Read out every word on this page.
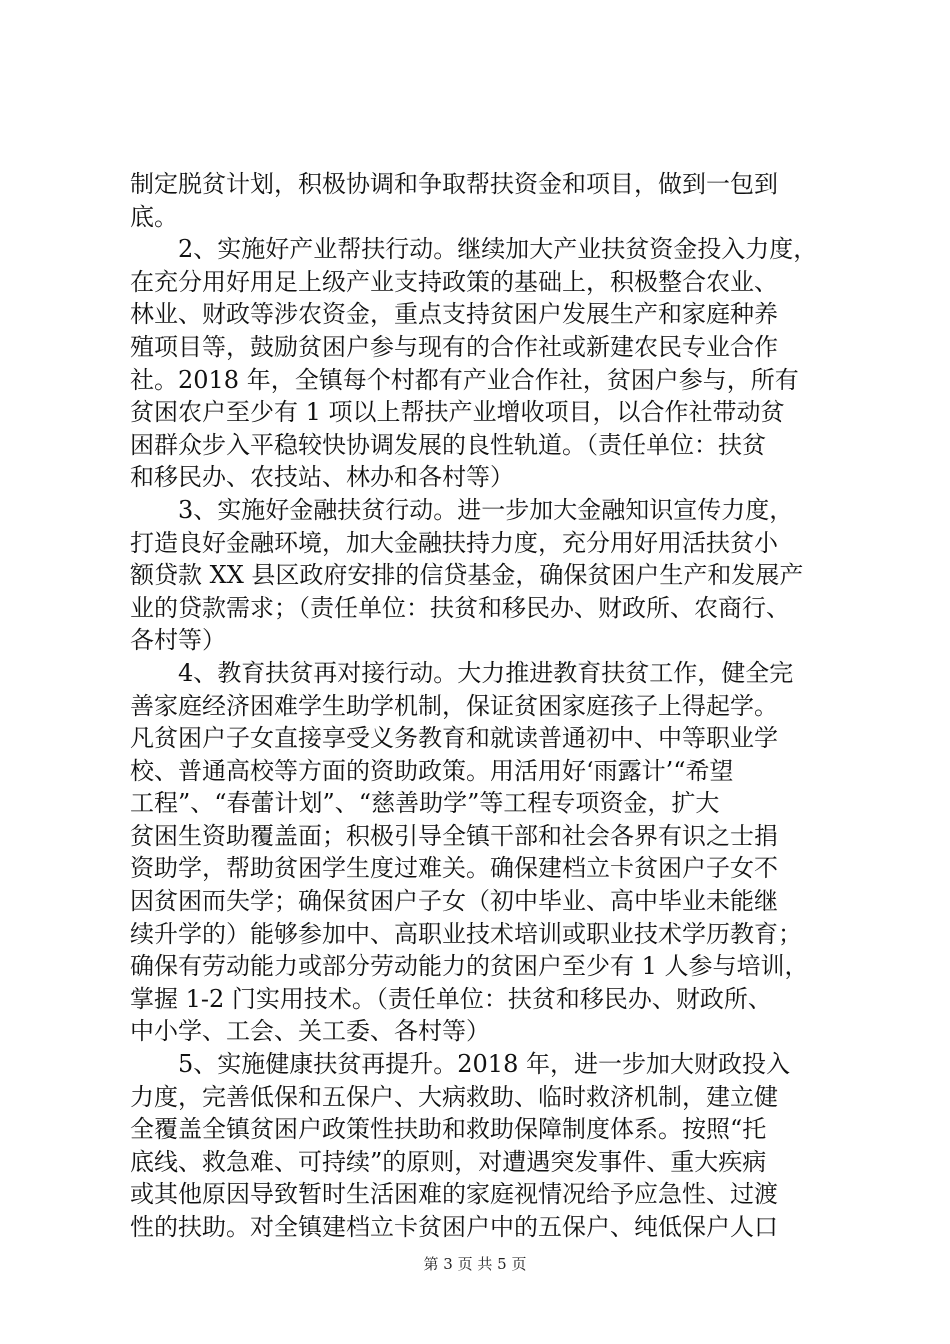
制定脱贫计划，积极协调和争取帮扶资金和项目，做到一包到
底。
2、实施好产业帮扶行动。继续加大产业扶贫资金投入力度，
在充分用好用足上级产业支持政策的基础上，积极整合农业、
林业、财政等涉农资金，重点支持贫困户发展生产和家庭种养
殖项目等，鼓励贫困户参与现有的合作社或新建农民专业合作
社。2018 年，全镇每个村都有产业合作社，贫困户参与，所有
贫困农户至少有 1 项以上帮扶产业增收项目，以合作社带动贫
困群众步入平稳较快协调发展的良性轨道。（责任单位：扶贫
和移民办、农技站、林办和各村等）
3、实施好金融扶贫行动。进一步加大金融知识宣传力度，
打造良好金融环境，加大金融扶持力度，充分用好用活扶贫小
额贷款 XX 县区政府安排的信贷基金，确保贫困户生产和发展产
业的贷款需求；（责任单位：扶贫和移民办、财政所、农商行、
各村等）
4、教育扶贫再对接行动。大力推进教育扶贫工作，健全完
善家庭经济困难学生助学机制，保证贫困家庭孩子上得起学。
凡贫困户子女直接享受义务教育和就读普通初中、中等职业学
校、普通高校等方面的资助政策。用活用好‘雨露计’“希望
工程”、“春蕾计划”、“慈善助学”等工程专项资金，扩大
贫困生资助覆盖面；积极引导全镇干部和社会各界有识之士捐
资助学，帮助贫困学生度过难关。确保建档立卡贫困户子女不
因贫困而失学；确保贫困户子女（初中毕业、高中毕业未能继
续升学的）能够参加中、高职业技术培训或职业技术学历教育；
确保有劳动能力或部分劳动能力的贫困户至少有 1 人参与培训，
掌握 1-2 门实用技术。（责任单位：扶贫和移民办、财政所、
中小学、工会、关工委、各村等）
5、实施健康扶贫再提升。2018 年，进一步加大财政投入
力度，完善低保和五保户、大病救助、临时救济机制，建立健
全覆盖全镇贫困户政策性扶助和救助保障制度体系。按照“托
底线、救急难、可持续”的原则，对遭遇突发事件、重大疾病
或其他原因导致暂时生活困难的家庭视情况给予应急性、过渡
性的扶助。对全镇建档立卡贫困户中的五保户、纯低保户人口
第 3 页 共 5 页
